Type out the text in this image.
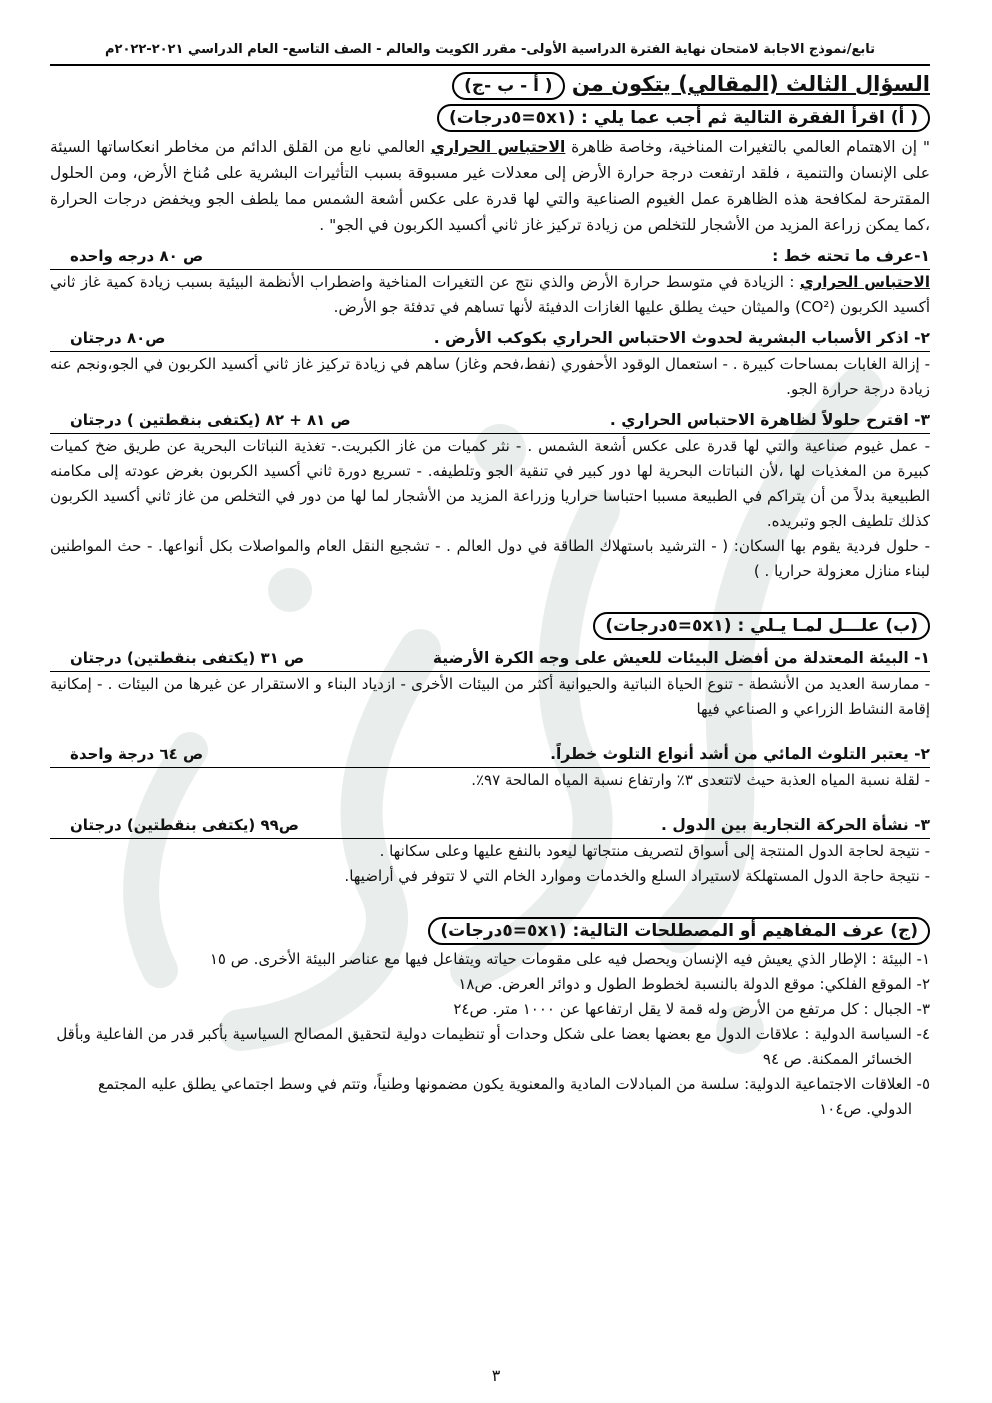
تابع/نموذج الاجابة لامتحان نهاية الفترة الدراسية الأولى- مقرر الكويت والعالم - الصف التاسع- العام الدراسي ٢٠٢١-٢٠٢٢م
السؤال الثالث (المقالي) يتكون من ( أ - ب -ج)
( أ) اقرأ الفقرة التالية ثم أجب عما يلي : (٥x١=٥درجات)

" إن الاهتمام العالمي بالتغيرات المناخية، وخاصة ظاهرة الاحتباس الحراري العالمي نابع من القلق الدائم من مخاطر انعكاساتها السيئة على الإنسان والتنمية ، فلقد ارتفعت درجة حرارة الأرض إلى معدلات غير مسبوقة بسبب التأثيرات البشرية على مُناخ الأرض، ومن الحلول المقترحة لمكافحة هذه الظاهرة عمل الغيوم الصناعية والتي لها قدرة على عكس أشعة الشمس مما يلطف الجو ويخفض درجات الحرارة ،كما يمكن زراعة المزيد من الأشجار للتخلص من زيادة تركيز غاز ثاني أكسيد الكربون في الجو" .

١-عرف ما تحته خط :
ص ٨٠ درجه واحده

الاحتباس الحراري : الزيادة في متوسط حرارة الأرض والذي نتج عن التغيرات المناخية واضطراب الأنظمة البيئية بسبب زيادة كمية غاز ثاني أكسيد الكربون (CO²) والميثان حيث يطلق عليها الغازات الدفيئة لأنها تساهم في تدفئة جو الأرض.

٢- اذكر الأسباب البشرية لحدوث الاحتباس الحراري بكوكب الأرض .
ص٨٠ درجتان

- إزالة الغابات بمساحات كبيرة . - استعمال الوقود الأحفوري (نفط،فحم وغاز) ساهم في زيادة تركيز غاز ثاني أكسيد الكربون في الجو،ونجم عنه زيادة درجة حرارة الجو.

٣- اقترح حلولاً لظاهرة الاحتباس الحراري .
ص ٨١ + ٨٢ (يكتفى بنقطتين ) درجتان

- عمل غيوم صناعية والتي لها قدرة على عكس أشعة الشمس . - نثر كميات من غاز الكبريت.- تغذية النباتات البحرية عن طريق ضخ كميات كبيرة من المغذيات لها ،لأن النباتات البحرية لها دور كبير في تنقية الجو وتلطيفه. - تسريع دورة ثاني أكسيد الكربون بغرض عودته إلى مكامنه الطبيعية بدلاً من أن يتراكم في الطبيعة مسببا احتباسا حراريا وزراعة المزيد من الأشجار لما لها من دور في التخلص من غاز ثاني أكسيد الكربون كذلك تلطيف الجو وتبريده.

- حلول فردية يقوم بها السكان: ( - الترشيد باستهلاك الطاقة في دول العالم . - تشجيع النقل العام والمواصلات بكل أنواعها. - حث المواطنين لبناء منازل معزولة حراريا . )

(ب) علـــل لمـا يـلي : (٥x١=٥درجات)
١- البيئة المعتدلة من أفضل البيئات للعيش على وجه الكرة الأرضية
ص ٣١ (يكتفى بنقطتين) درجتان

- ممارسة العديد من الأنشطة - تنوع الحياة النباتية والحيوانية أكثر من البيئات الأخرى - ازدياد البناء و الاستقرار عن غيرها من البيئات . - إمكانية إقامة النشاط الزراعي و الصناعي فيها

٢- يعتبر التلوث المائي من أشد أنواع التلوث خطراً.
ص ٦٤ درجة واحدة

- لقلة نسبة المياه العذبة حيث لاتتعدى ٣٪ وارتفاع نسبة المياه المالحة ٩٧٪.

٣- نشأة الحركة التجارية بين الدول .
ص٩٩ (يكتفى بنقطتين) درجتان

- نتيجة لحاجة الدول المنتجة إلى أسواق لتصريف منتجاتها ليعود بالنفع عليها وعلى سكانها .

- نتيجة حاجة الدول المستهلكة لاستيراد السلع والخدمات وموارد الخام التي لا تتوفر في أراضيها.

(ج) عرف المفاهيم أو المصطلحات التالية: (٥x١=٥درجات)

١- البيئة : الإطار الذي يعيش فيه الإنسان ويحصل فيه على مقومات حياته ويتفاعل فيها مع عناصر البيئة الأخرى. ص ١٥

٢- الموقع الفلكي: موقع الدولة بالنسبة لخطوط الطول و دوائر العرض. ص١٨

٣- الجبال : كل مرتفع من الأرض وله قمة لا يقل ارتفاعها عن ١٠٠٠ متر. ص٢٤

٤- السياسة الدولية : علاقات الدول مع بعضها بعضا على شكل وحدات أو تنظيمات دولية لتحقيق المصالح السياسية بأكبر قدر من الفاعلية وبأقل الخسائر الممكنة. ص ٩٤

٥- العلاقات الاجتماعية الدولية: سلسة من المبادلات المادية والمعنوية يكون مضمونها وطنياً، وتتم في وسط اجتماعي يطلق عليه المجتمع الدولي. ص١٠٤

٣
